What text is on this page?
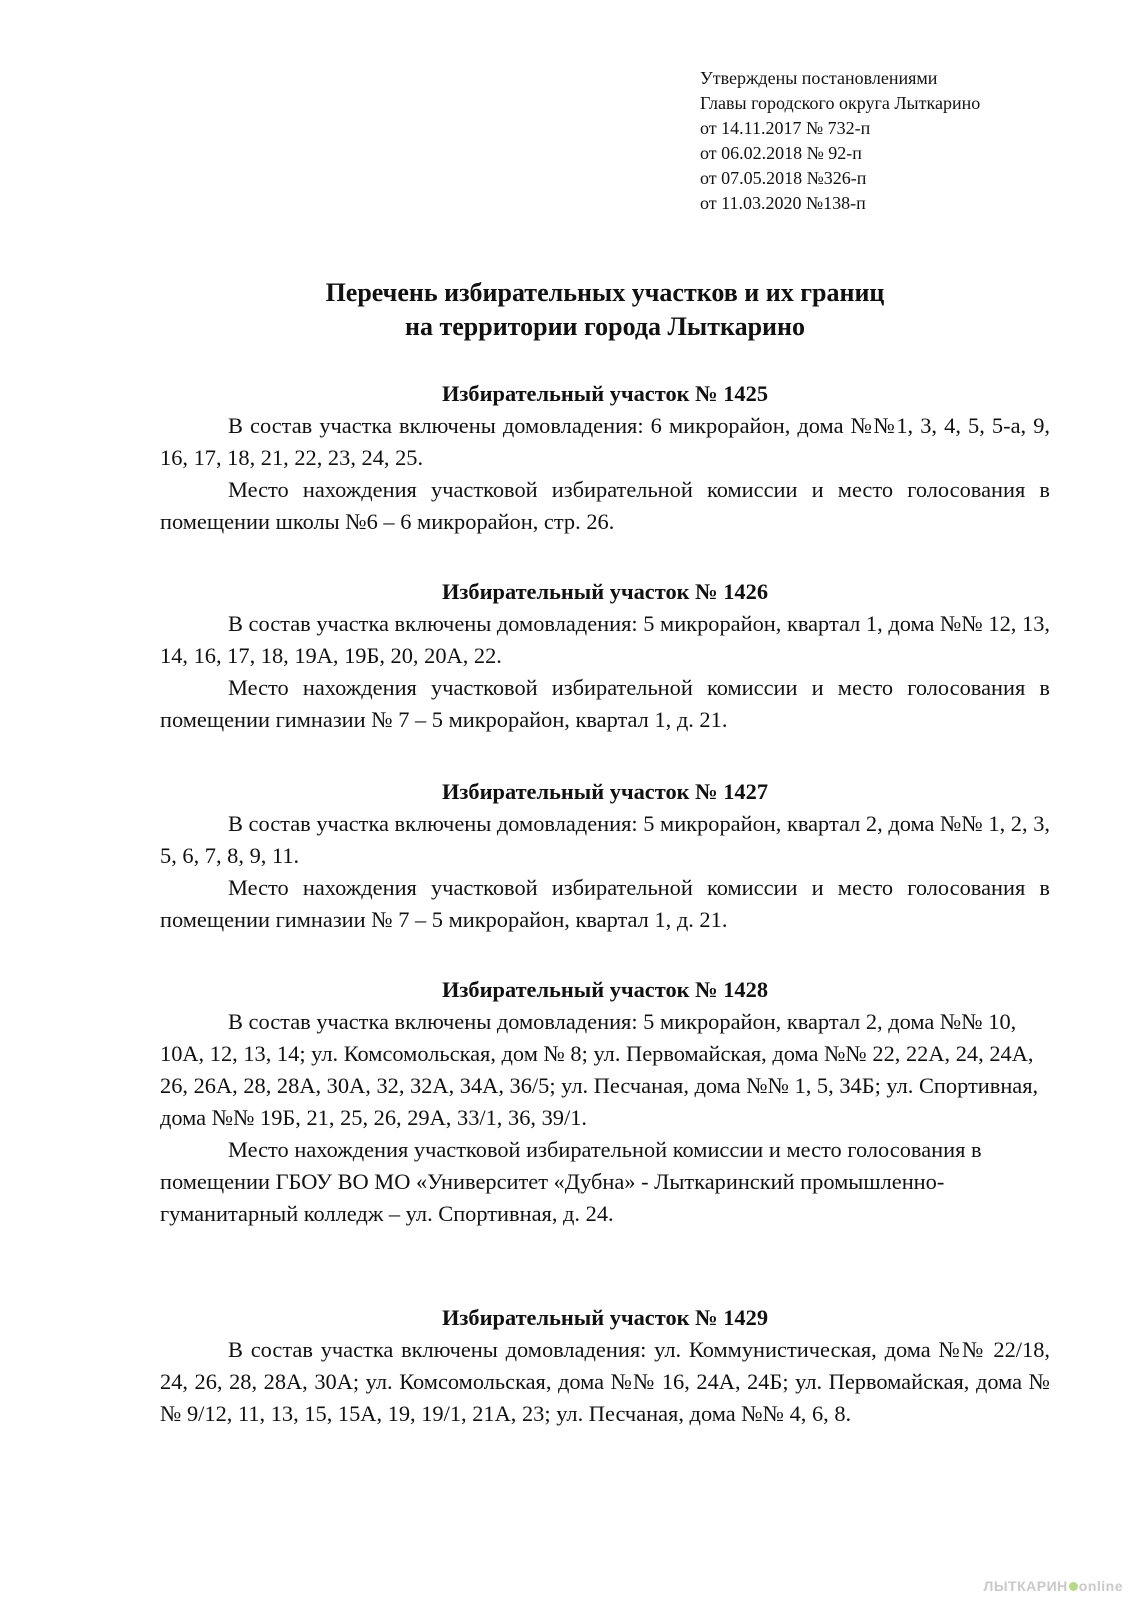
Утверждены постановлениями
Главы городского округа Лыткарино
от 14.11.2017 № 732-п
от 06.02.2018 № 92-п
от 07.05.2018 №326-п
от 11.03.2020 №138-п
Перечень избирательных участков и их границ
на территории города Лыткарино

Избирательный участок № 1425

В состав участка включены домовладения: 6 микрорайон, дома №№1, 3, 4, 5, 5-а, 9, 16, 17, 18, 21, 22, 23, 24, 25.

Место нахождения участковой избирательной комиссии и место голосования в помещении школы №6 – 6 микрорайон, стр. 26.

Избирательный участок № 1426

В состав участка включены домовладения: 5 микрорайон, квартал 1, дома №№ 12, 13, 14, 16, 17, 18, 19А, 19Б, 20, 20А, 22.

Место нахождения участковой избирательной комиссии и место голосования в помещении гимназии № 7 – 5 микрорайон, квартал 1, д. 21.

Избирательный участок № 1427

В состав участка включены домовладения: 5 микрорайон, квартал 2, дома №№ 1, 2, 3, 5, 6, 7, 8, 9, 11.

Место нахождения участковой избирательной комиссии и место голосования в помещении гимназии № 7 – 5 микрорайон, квартал 1, д. 21.

Избирательный участок № 1428

В состав участка включены домовладения: 5 микрорайон, квартал 2, дома №№ 10, 10А, 12, 13, 14; ул. Комсомольская, дом № 8; ул. Первомайская, дома №№ 22, 22А, 24, 24А, 26, 26А, 28, 28А, 30А, 32, 32А, 34А, 36/5; ул. Песчаная, дома №№ 1, 5, 34Б; ул. Спортивная, дома №№ 19Б, 21, 25, 26, 29А, 33/1, 36, 39/1.

Место нахождения участковой избирательной комиссии и место голосования в помещении ГБОУ ВО МО «Университет «Дубна» - Лыткаринский промышленно-гуманитарный колледж – ул. Спортивная, д. 24.

Избирательный участок № 1429

В состав участка включены домовладения: ул. Коммунистическая, дома №№ 22/18, 24, 26, 28, 28А, 30А; ул. Комсомольская, дома №№ 16, 24А, 24Б; ул. Первомайская, дома №№ 9/12, 11, 13, 15, 15А, 19, 19/1, 21А, 23; ул. Песчаная, дома №№ 4, 6, 8.

ЛЫТКАРИН online
